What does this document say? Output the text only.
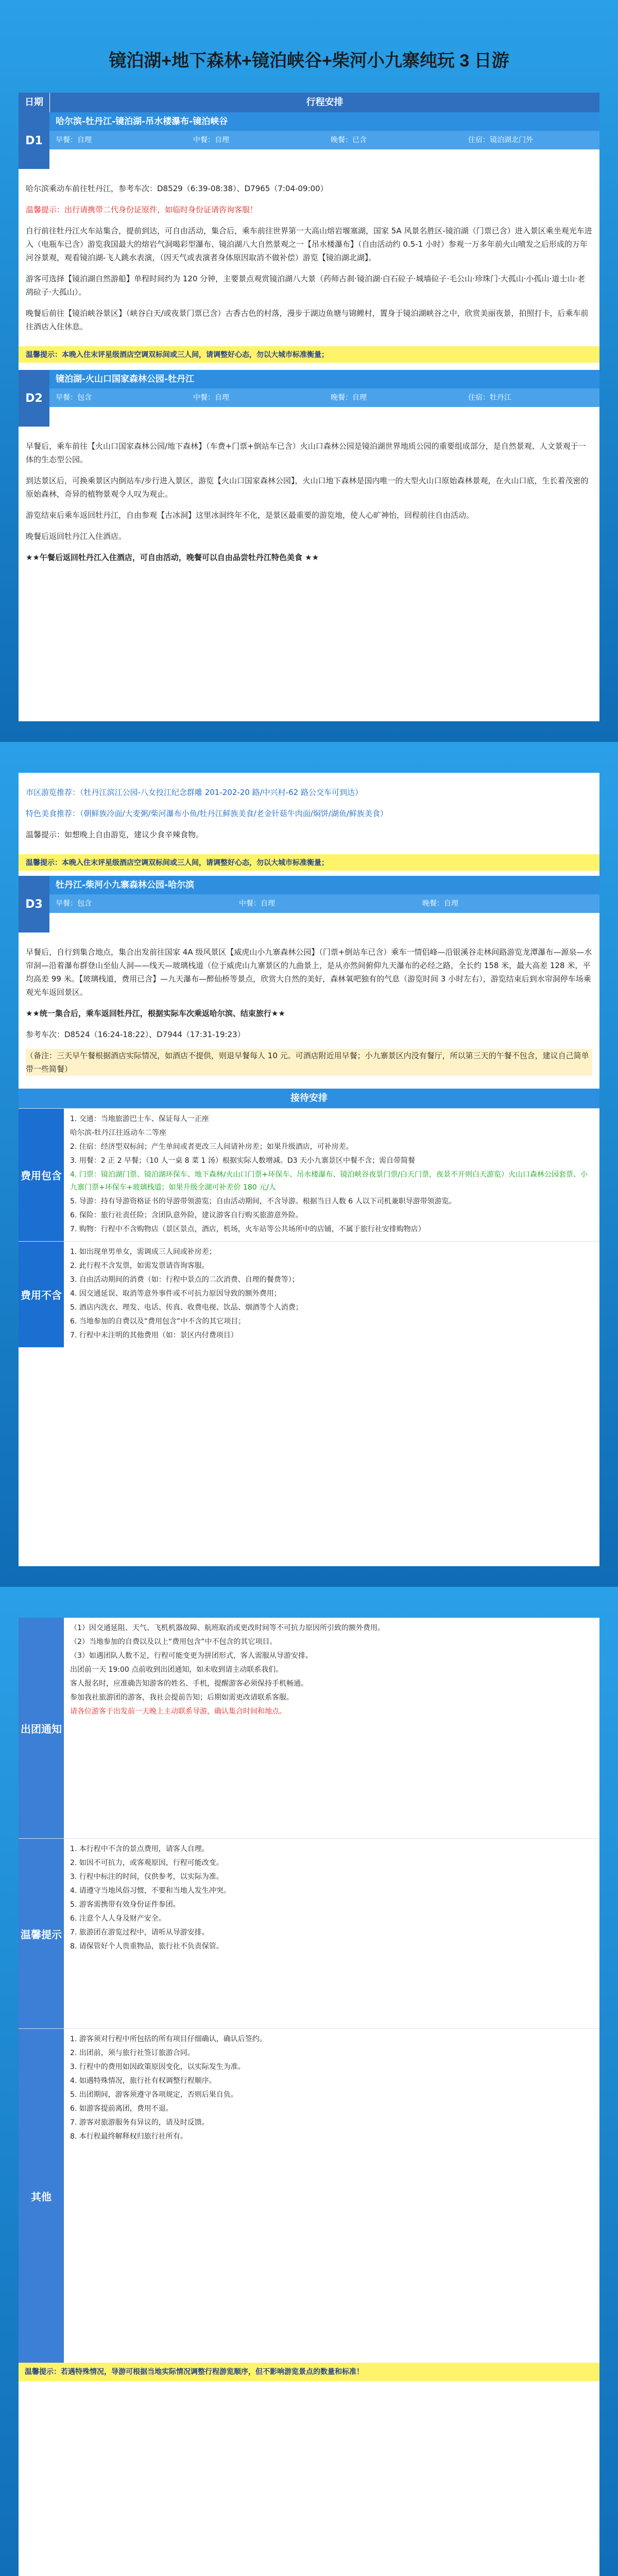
镜泊湖+地下森林+镜泊峡谷+柴河小九寨纯玩 3 日游
日期	行程安排
D1
哈尔滨-牡丹江-镜泊湖-吊水楼瀑布-镜泊峡谷
早餐：自理	中餐：自理	晚餐：已含	住宿：镜泊湖北门外

哈尔滨乘动车前往牡丹江，参考车次：D8529（6:39-08:38）、D7965（7:04-09:00）

温馨提示：出行请携带二代身份证原件，如临时身份证请咨询客服！

自行前往牡丹江火车站集合，提前到达，可自由活动，集合后，乘车前往世界第一大高山熔岩堰塞湖，国家 5A 风景名胜区-镜泊湖（门票已含）进入景区乘坐观光车进入（电瓶车已含）游览我国最大的熔岩气洞喝彩型瀑布、镜泊湖八大自然景观之一【吊水楼瀑布】（自由活动约 0.5-1 小时）参观一万多年前火山喷发之后形成的万年河谷景观，观看镜泊湖-飞人跳水表演，（因天气或表演者身体原因取消不做补偿）游览【镜泊湖北湖】。

游客可选择【镜泊湖自然游船】单程时间约为 120 分钟，主要景点观赏镜泊湖八大景（药师古刹·镜泊湖·白石砬子·城墙砬子·毛公山·珍珠门·大孤山·小孤山·道士山·老鸹砬子·大孤山）。

晚餐后前往【镜泊峡谷景区】（峡谷白天/或夜景门票已含）古香古色的村落，漫步于湖边鱼塘与锦鲤村，置身于镜泊湖峡谷之中，欣赏美丽夜景，拍照打卡，后乘车前往酒店入住休息。

温馨提示：本晚入住末评星级酒店空调双标间或三人间，请调整好心态，勿以大城市标准衡量；
D2
镜泊湖-火山口国家森林公园-牡丹江
早餐：包含	中餐：自理	晚餐：自理	住宿：牡丹江

早餐后，乘车前往【火山口国家森林公园/地下森林】（车费+门票+倒站车已含）火山口森林公园是镜泊湖世界地质公园的重要组成部分，是自然景观、人文景观于一体的生态型公园。

到达景区后，可换乘景区内倒站车/步行进入景区，游览【火山口国家森林公园】，火山口地下森林是国内唯一的大型火山口原始森林景观，在火山口底，生长着茂密的原始森林，奇异的植物景观令人叹为观止。

游览结束后乘车返回牡丹江，自由参观【古冰洞】这里冰洞终年不化，是景区最重要的游览地，使人心旷神怡，回程前往自由活动。

晚餐后返回牡丹江入住酒店。

★★午餐后返回牡丹江入住酒店，可自由活动，晚餐可以自由品尝牡丹江特色美食 ★★

市区游览推荐：（牡丹江滨江公园-八女投江纪念群雕 201-202-20 路/中兴村-62 路公交车可到达）

特色美食推荐：（朝鲜族冷面/大麦粥/柴河瀑布小鱼/牡丹江鲜族美食/老金针菇牛肉面/焖饼/湖鱼/鲜族美食）

温馨提示：如想晚上自由游览，建议少食辛辣食物。

温馨提示：本晚入住末评星级酒店空调双标间或三人间，请调整好心态，勿以大城市标准衡量；
D3
牡丹江-柴河小九寨森林公园-哈尔滨
早餐：包含	中餐：自理	晚餐：自理

早餐后，自行到集合地点，集合出发前往国家 4A 级风景区【威虎山小九寨森林公园】（门票+倒站车已含）乘车一情侣峰—沿银溪谷走林间路游览龙潭瀑布—源泉—水帘洞—沿着瀑布群登山至仙人洞——线天—玻璃栈道（位于威虎山九寨景区的九曲景上，是从亦然间俯仰九天瀑布的必经之路，全长约 158 米，最大高差 128 米，平均高差 99 米。【玻璃栈道，费用已含】—九天瀑布—醉仙桥等景点，欣赏大自然的美好，森林氧吧独有的气息（游览时间 3 小时左右），游览结束后到水帘洞停车场乘观光车返回景区。

★★统一集合后，乘车返回牡丹江，根据实际车次乘返哈尔滨、结束旅行★★

参考车次：D8524（16:24-18:22）、D7944（17:31-19:23）

（备注：三天早午餐根据酒店实际情况，如酒店不提供，则退早餐每人 10 元。可酒店附近用早餐；小九寨景区内没有餐厅，所以第三天的午餐不包含，建议自己简单带一些简餐）

接待安排
费用包含

1. 交通：当地旅游巴士车、保证每人一正座

哈尔滨-牡丹江往返动车二等座

2. 住宿：经济型双标间；产生单间或者更改三人间请补房差；如果升级酒店，可补房差。

3. 用餐：2 正 2 早餐；（10 人一桌 8 菜 1 汤）根据实际人数增减。D3 天小九寨景区中餐不含；需自带简餐

4. 门票：镜泊湖门票、镜泊湖环保车、地下森林/火山口门票+环保车、吊水楼瀑布、镜泊峡谷夜景门票/白天门票，夜景不开则白天游览）火山口森林公园套票、小九寨门票+环保车+玻璃栈道；如果升级全湖可补差价 180 元/人

5. 导游：持有导游资格证书的导游带领游览；自由活动期间，不含导游。根据当日人数 6 人以下司机兼职导游带领游览。

6. 保险：旅行社责任险；含团队意外险，建议游客自行购买旅游意外险。

7. 购物：行程中不含购物店（景区景点，酒店，机场，火车站等公共场所中的店铺，不属于旅行社安排购物店）

费用不含

1. 如出现单男单女，需调成三人间或补房差；

2. 此行程不含发票，如需发票请咨询客服。

3. 自由活动期间的消费（如：行程中景点的二次消费、自理的餐费等）；

4. 因交通延误、取消等意外事件或不可抗力原因导致的额外费用；

5. 酒店内洗衣、理发、电话、传真、收费电视、饮品、烟酒等个人消费；

6. 当地参加的自费以及“费用包含”中不含的其它项目；

7. 行程中未注明的其他费用（如：景区内付费项目）

出团通知

（1）因交通延阻、天气、飞机机器故障、航班取消或更改时间等不可抗力原因所引致的额外费用。

（2）当地参加的自费以及以上“费用包含”中不包含的其它项目。

（3）如遇团队人数不足，行程可能变更为拼团形式，客人需服从导游安排。

出团前一天 19:00 点前收到出团通知，如未收到请主动联系我们。

客人报名时，应准确告知游客的姓名、手机，提醒游客必须保持手机畅通。

参加我社旅游团的游客，我社会提前告知；后期如需更改请联系客服。

请各位游客于出发前一天晚上主动联系导游，确认集合时间和地点。

温馨提示

1. 本行程中不含的景点费用，请客人自理。

2. 如因不可抗力，或客观原因，行程可能改变。

3. 行程中标注的时间，仅供参考，以实际为准。

4. 请遵守当地风俗习惯，不要和当地人发生冲突。

5. 游客需携带有效身份证件参团。

6. 注意个人人身及财产安全。

7. 旅游团在游览过程中，请听从导游安排。

8. 请保管好个人贵重物品，旅行社不负责保管。

其他

1. 游客须对行程中所包括的所有项目仔细确认，确认后签约。

2. 出团前，须与旅行社签订旅游合同。

3. 行程中的费用如因政策原因变化，以实际发生为准。

4. 如遇特殊情况，旅行社有权调整行程顺序。

5. 出团期间，游客须遵守各项规定，否则后果自负。

6. 如游客提前离团，费用不退。

7. 游客对旅游服务有异议的，请及时反馈。

8. 本行程最终解释权归旅行社所有。

温馨提示：若遇特殊情况，导游可根据当地实际情况调整行程游览顺序，但不影响游览景点的数量和标准！
